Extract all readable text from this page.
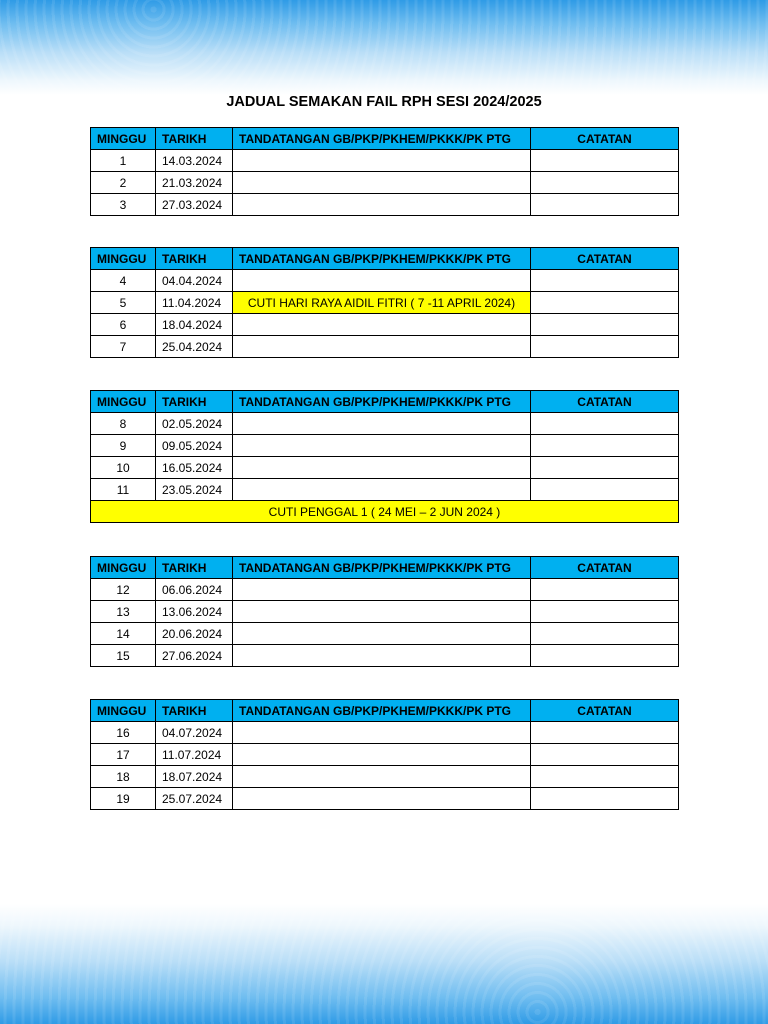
JADUAL SEMAKAN FAIL RPH SESI 2024/2025
MINGGU	TARIKH	TANDATANGAN GB/PKP/PKHEM/PKKK/PK PTG	CATATAN
1	14.03.2024		
2	21.03.2024		
3	27.03.2024		
MINGGU	TARIKH	TANDATANGAN GB/PKP/PKHEM/PKKK/PK PTG	CATATAN
4	04.04.2024		
5	11.04.2024	CUTI HARI RAYA AIDIL FITRI ( 7 -11 APRIL 2024)	
6	18.04.2024		
7	25.04.2024		
MINGGU	TARIKH	TANDATANGAN GB/PKP/PKHEM/PKKK/PK PTG	CATATAN
8	02.05.2024		
9	09.05.2024		
10	16.05.2024		
11	23.05.2024		
CUTI PENGGAL 1 ( 24 MEI – 2 JUN 2024 )			
MINGGU	TARIKH	TANDATANGAN GB/PKP/PKHEM/PKKK/PK PTG	CATATAN
12	06.06.2024		
13	13.06.2024		
14	20.06.2024		
15	27.06.2024		
MINGGU	TARIKH	TANDATANGAN GB/PKP/PKHEM/PKKK/PK PTG	CATATAN
16	04.07.2024		
17	11.07.2024		
18	18.07.2024		
19	25.07.2024		
